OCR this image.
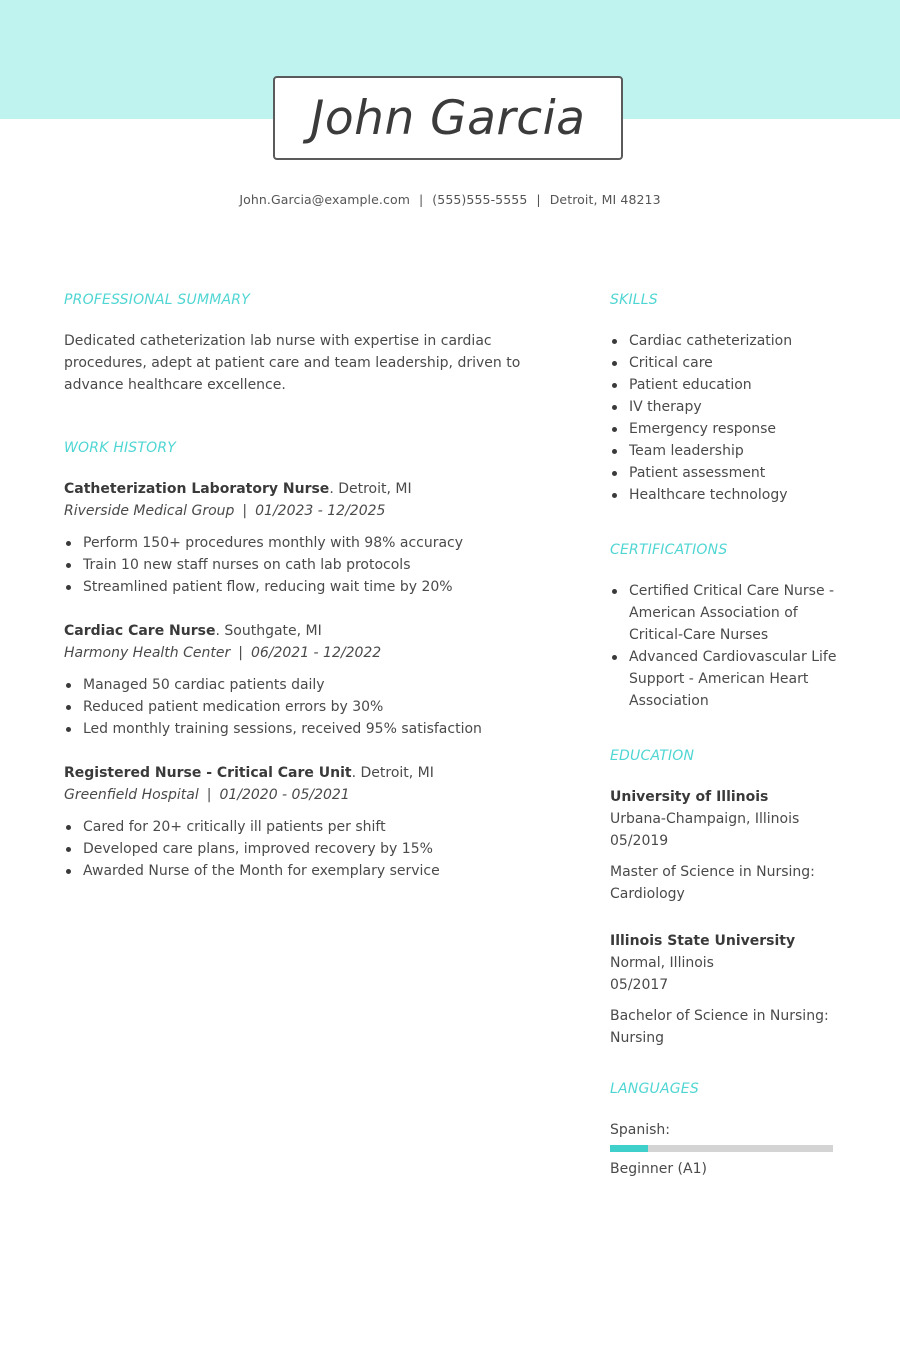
John Garcia
John.Garcia@example.com | (555)555-5555 | Detroit, MI 48213
PROFESSIONAL SUMMARY

Dedicated catheterization lab nurse with expertise in cardiac procedures, adept at patient care and team leadership, driven to advance healthcare excellence.

WORK HISTORY
Catheterization Laboratory Nurse. Detroit, MI
Riverside Medical Group | 01/2023 - 12/2025
Perform 150+ procedures monthly with 98% accuracy
Train 10 new staff nurses on cath lab protocols
Streamlined patient flow, reducing wait time by 20%
Cardiac Care Nurse. Southgate, MI
Harmony Health Center | 06/2021 - 12/2022
Managed 50 cardiac patients daily
Reduced patient medication errors by 30%
Led monthly training sessions, received 95% satisfaction
Registered Nurse - Critical Care Unit. Detroit, MI
Greenfield Hospital | 01/2020 - 05/2021
Cared for 20+ critically ill patients per shift
Developed care plans, improved recovery by 15%
Awarded Nurse of the Month for exemplary service
SKILLS
Cardiac catheterization
Critical care
Patient education
IV therapy
Emergency response
Team leadership
Patient assessment
Healthcare technology
CERTIFICATIONS
Certified Critical Care Nurse - American Association of Critical-Care Nurses
Advanced Cardiovascular Life Support - American Heart Association
EDUCATION
University of Illinois
Urbana-Champaign, Illinois
05/2019
Master of Science in Nursing: Cardiology
Illinois State University
Normal, Illinois
05/2017
Bachelor of Science in Nursing: Nursing
LANGUAGES
Spanish:
Beginner (A1)
